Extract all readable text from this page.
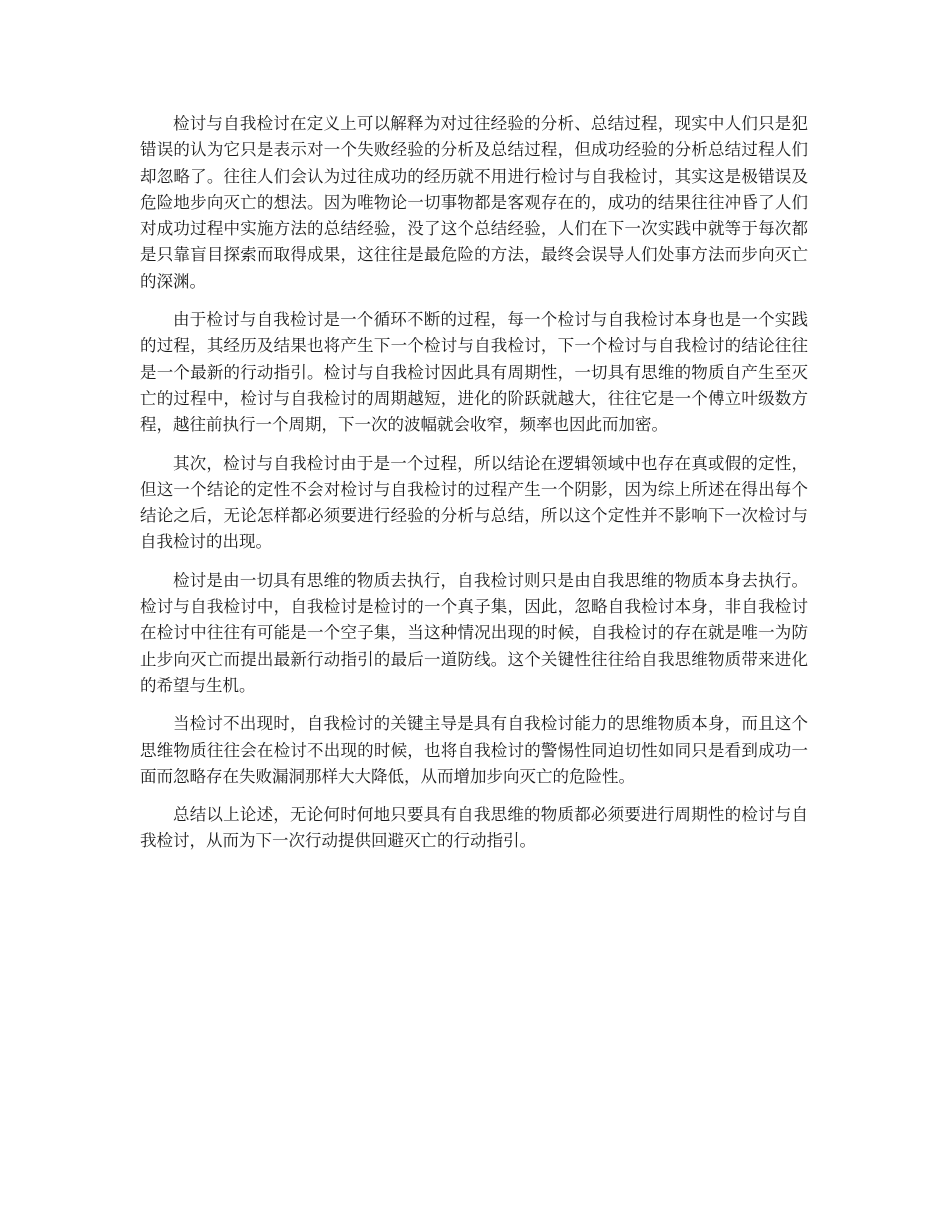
检讨与自我检讨在定义上可以解释为对过往经验的分析、总结过程，现实中人们只是犯错误的认为它只是表示对一个失败经验的分析及总结过程，但成功经验的分析总结过程人们却忽略了。往往人们会认为过往成功的经历就不用进行检讨与自我检讨，其实这是极错误及危险地步向灭亡的想法。因为唯物论一切事物都是客观存在的，成功的结果往往冲昏了人们对成功过程中实施方法的总结经验，没了这个总结经验，人们在下一次实践中就等于每次都是只靠盲目探索而取得成果，这往往是最危险的方法，最终会误导人们处事方法而步向灭亡的深渊。

由于检讨与自我检讨是一个循环不断的过程，每一个检讨与自我检讨本身也是一个实践的过程，其经历及结果也将产生下一个检讨与自我检讨，下一个检讨与自我检讨的结论往往是一个最新的行动指引。检讨与自我检讨因此具有周期性，一切具有思维的物质自产生至灭亡的过程中，检讨与自我检讨的周期越短，进化的阶跃就越大，往往它是一个傅立叶级数方程，越往前执行一个周期，下一次的波幅就会收窄，频率也因此而加密。

其次，检讨与自我检讨由于是一个过程，所以结论在逻辑领域中也存在真或假的定性，但这一个结论的定性不会对检讨与自我检讨的过程产生一个阴影，因为综上所述在得出每个结论之后，无论怎样都必须要进行经验的分析与总结，所以这个定性并不影响下一次检讨与自我检讨的出现。

检讨是由一切具有思维的物质去执行，自我检讨则只是由自我思维的物质本身去执行。检讨与自我检讨中，自我检讨是检讨的一个真子集，因此，忽略自我检讨本身，非自我检讨在检讨中往往有可能是一个空子集，当这种情况出现的时候，自我检讨的存在就是唯一为防止步向灭亡而提出最新行动指引的最后一道防线。这个关键性往往给自我思维物质带来进化的希望与生机。

当检讨不出现时，自我检讨的关键主导是具有自我检讨能力的思维物质本身，而且这个思维物质往往会在检讨不出现的时候，也将自我检讨的警惕性同迫切性如同只是看到成功一面而忽略存在失败漏洞那样大大降低，从而增加步向灭亡的危险性。

总结以上论述，无论何时何地只要具有自我思维的物质都必须要进行周期性的检讨与自我检讨，从而为下一次行动提供回避灭亡的行动指引。
